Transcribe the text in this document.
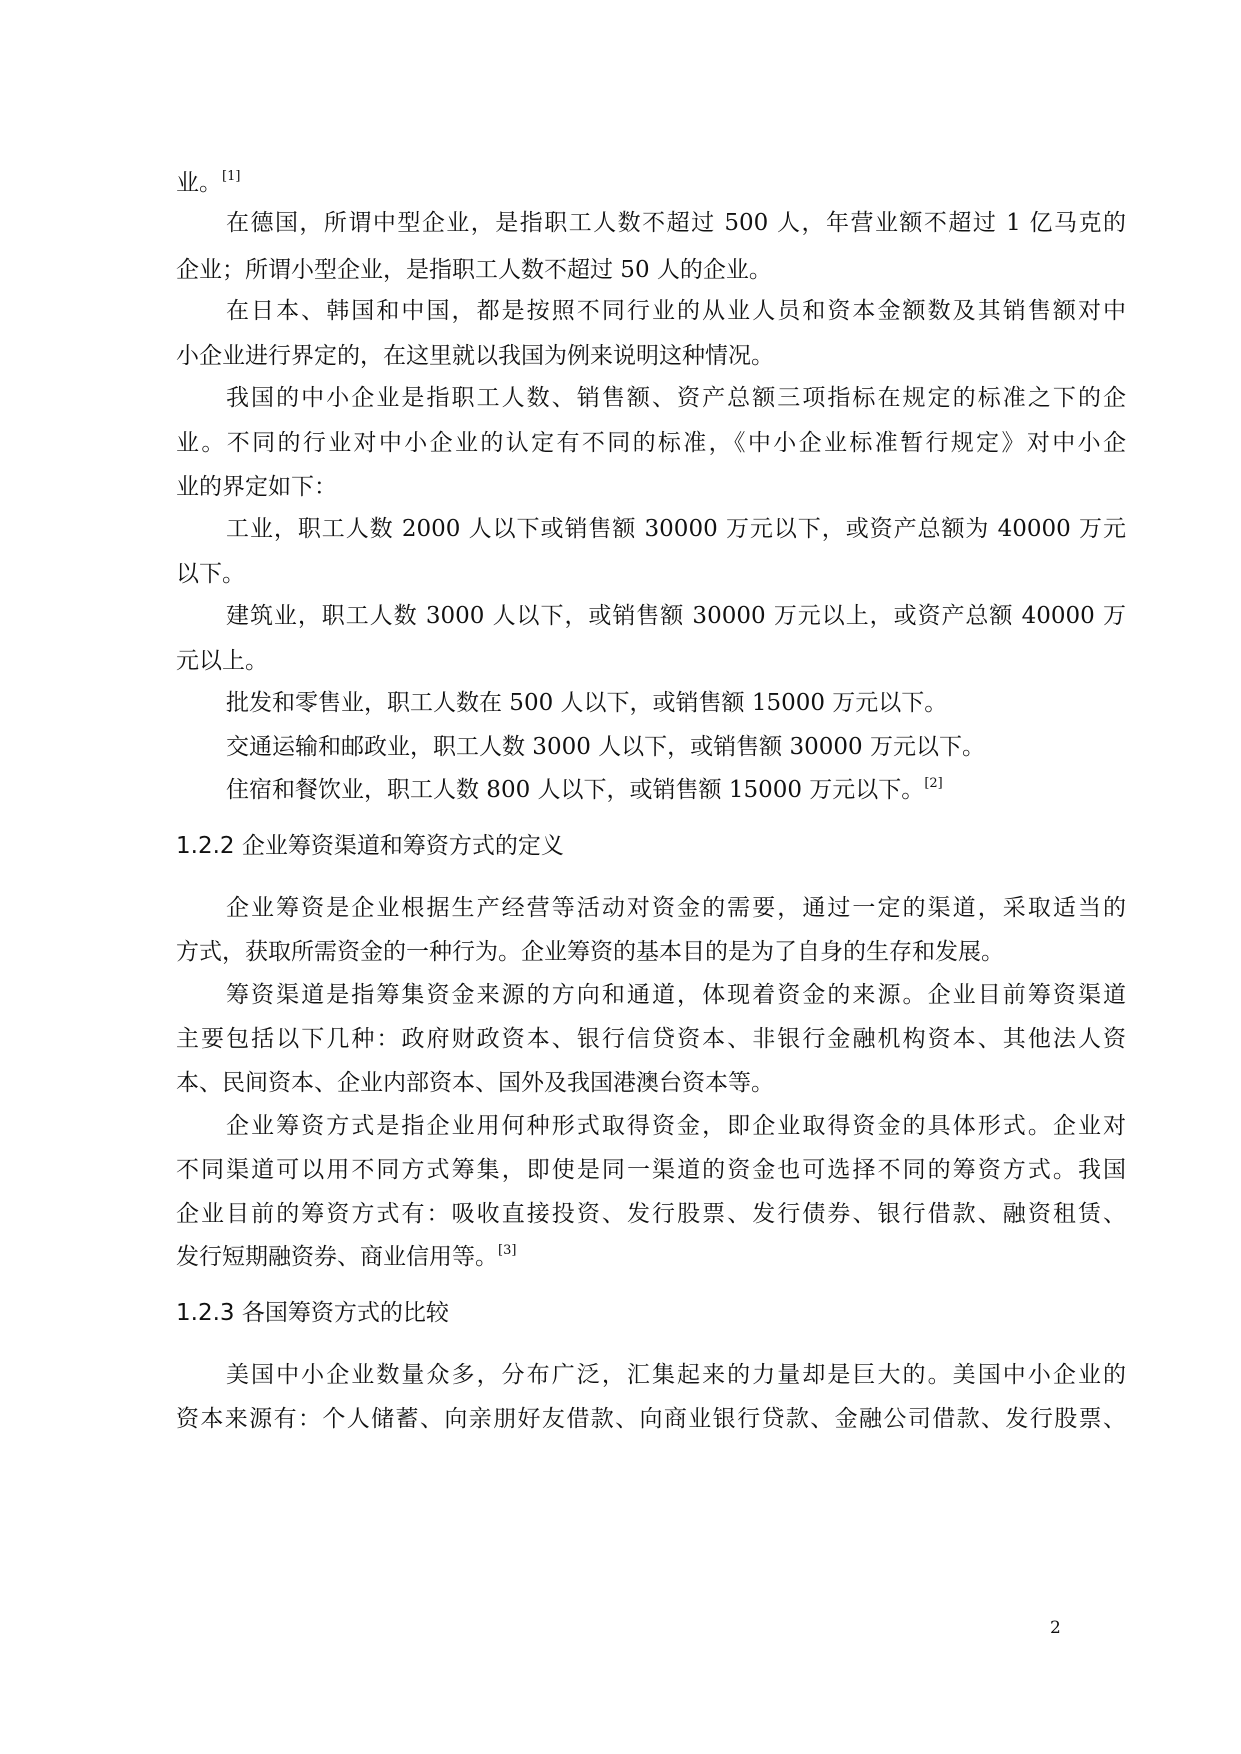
业。[1]
在德国，所谓中型企业，是指职工人数不超过 500 人，年营业额不超过 1 亿马克的
企业；所谓小型企业，是指职工人数不超过 50 人的企业。
在日本、韩国和中国，都是按照不同行业的从业人员和资本金额数及其销售额对中
小企业进行界定的，在这里就以我国为例来说明这种情况。
我国的中小企业是指职工人数、销售额、资产总额三项指标在规定的标准之下的企
业。不同的行业对中小企业的认定有不同的标准，《中小企业标准暂行规定》对中小企
业的界定如下：
工业，职工人数 2000 人以下或销售额 30000 万元以下，或资产总额为 40000 万元
以下。
建筑业，职工人数 3000 人以下，或销售额 30000 万元以上，或资产总额 40000 万
元以上。
批发和零售业，职工人数在 500 人以下，或销售额 15000 万元以下。
交通运输和邮政业，职工人数 3000 人以下，或销售额 30000 万元以下。
住宿和餐饮业，职工人数 800 人以下，或销售额 15000 万元以下。[2]
1.2.2 企业筹资渠道和筹资方式的定义
企业筹资是企业根据生产经营等活动对资金的需要，通过一定的渠道，采取适当的
方式，获取所需资金的一种行为。企业筹资的基本目的是为了自身的生存和发展。
筹资渠道是指筹集资金来源的方向和通道，体现着资金的来源。企业目前筹资渠道
主要包括以下几种：政府财政资本、银行信贷资本、非银行金融机构资本、其他法人资
本、民间资本、企业内部资本、国外及我国港澳台资本等。
企业筹资方式是指企业用何种形式取得资金，即企业取得资金的具体形式。企业对
不同渠道可以用不同方式筹集，即使是同一渠道的资金也可选择不同的筹资方式。我国
企业目前的筹资方式有：吸收直接投资、发行股票、发行债券、银行借款、融资租赁、
发行短期融资券、商业信用等。[3]
1.2.3 各国筹资方式的比较
美国中小企业数量众多，分布广泛，汇集起来的力量却是巨大的。美国中小企业的
资本来源有：个人储蓄、向亲朋好友借款、向商业银行贷款、金融公司借款、发行股票、
2
